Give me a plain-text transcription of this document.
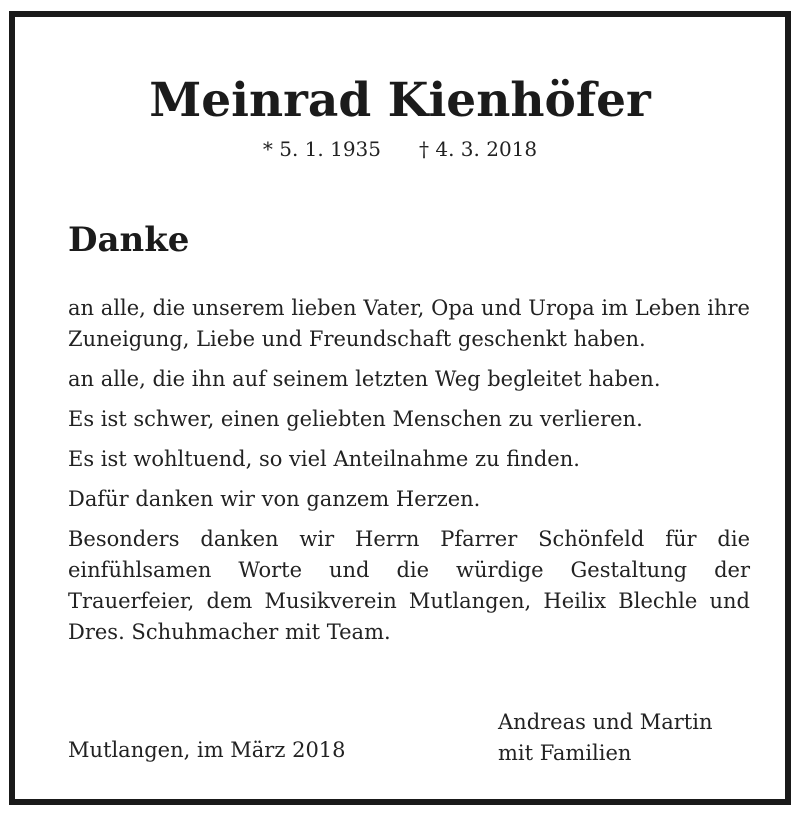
Meinrad Kienhöfer
* 5. 1. 1935 † 4. 3. 2018
Danke

an alle, die unserem lieben Vater, Opa und Uropa im Leben ihre Zuneigung, Liebe und Freundschaft geschenkt haben.

an alle, die ihn auf seinem letzten Weg begleitet haben.

Es ist schwer, einen geliebten Menschen zu verlieren.

Es ist wohltuend, so viel Anteilnahme zu finden.

Dafür danken wir von ganzem Herzen.

Besonders danken wir Herrn Pfarrer Schönfeld für die einfühlsamen Worte und die würdige Gestaltung der Trauerfeier, dem Musikverein Mutlangen, Heilix Blechle und Dres. Schuhmacher mit Team.

Mutlangen, im März 2018
Andreas und Martin
mit Familien
